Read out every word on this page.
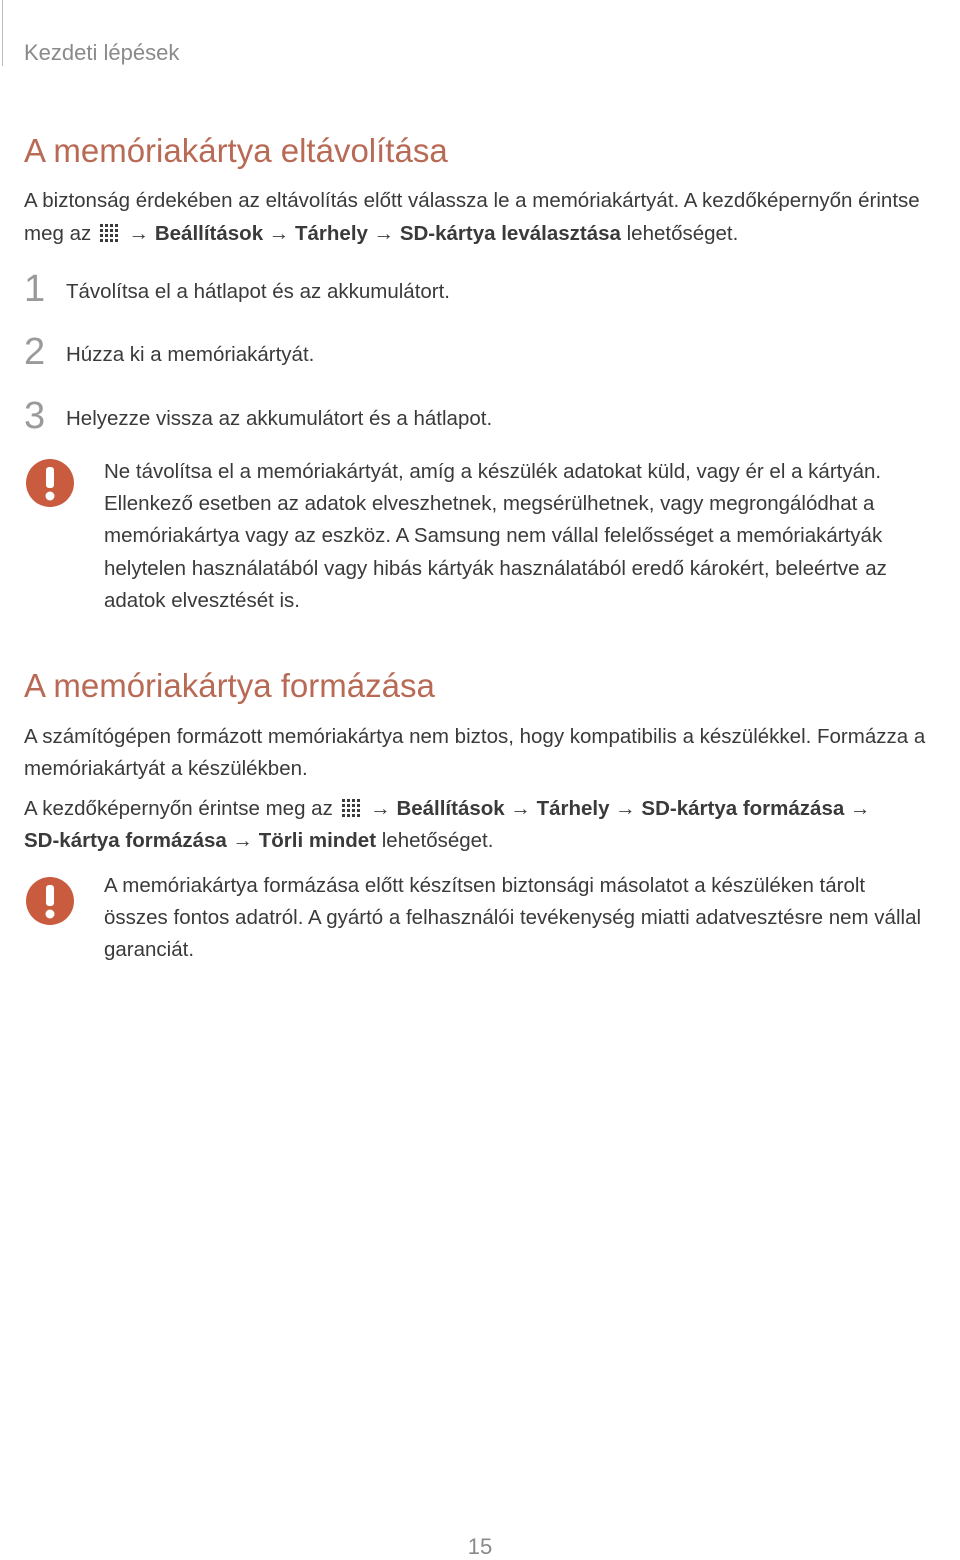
Kezdeti lépések
A memóriakártya eltávolítása
A biztonság érdekében az eltávolítás előtt válassza le a memóriakártyát. A kezdőképernyőn érintse
meg az → Beállítások → Tárhely → SD-kártya leválasztása lehetőséget.
1	Távolítsa el a hátlapot és az akkumulátort.
2	Húzza ki a memóriakártyát.
3	Helyezze vissza az akkumulátort és a hátlapot.
Ne távolítsa el a memóriakártyát, amíg a készülék adatokat küld, vagy ér el a kártyán.
Ellenkező esetben az adatok elveszhetnek, megsérülhetnek, vagy megrongálódhat a
memóriakártya vagy az eszköz. A Samsung nem vállal felelősséget a memóriakártyák
helytelen használatából vagy hibás kártyák használatából eredő károkért, beleértve az
adatok elvesztését is.
A memóriakártya formázása
A számítógépen formázott memóriakártya nem biztos, hogy kompatibilis a készülékkel. Formázza a
memóriakártyát a készülékben.
A kezdőképernyőn érintse meg az → Beállítások → Tárhely → SD-kártya formázása →
SD-kártya formázása → Törli mindet lehetőséget.
A memóriakártya formázása előtt készítsen biztonsági másolatot a készüléken tárolt
összes fontos adatról. A gyártó a felhasználói tevékenység miatti adatvesztésre nem vállal
garanciát.
15
